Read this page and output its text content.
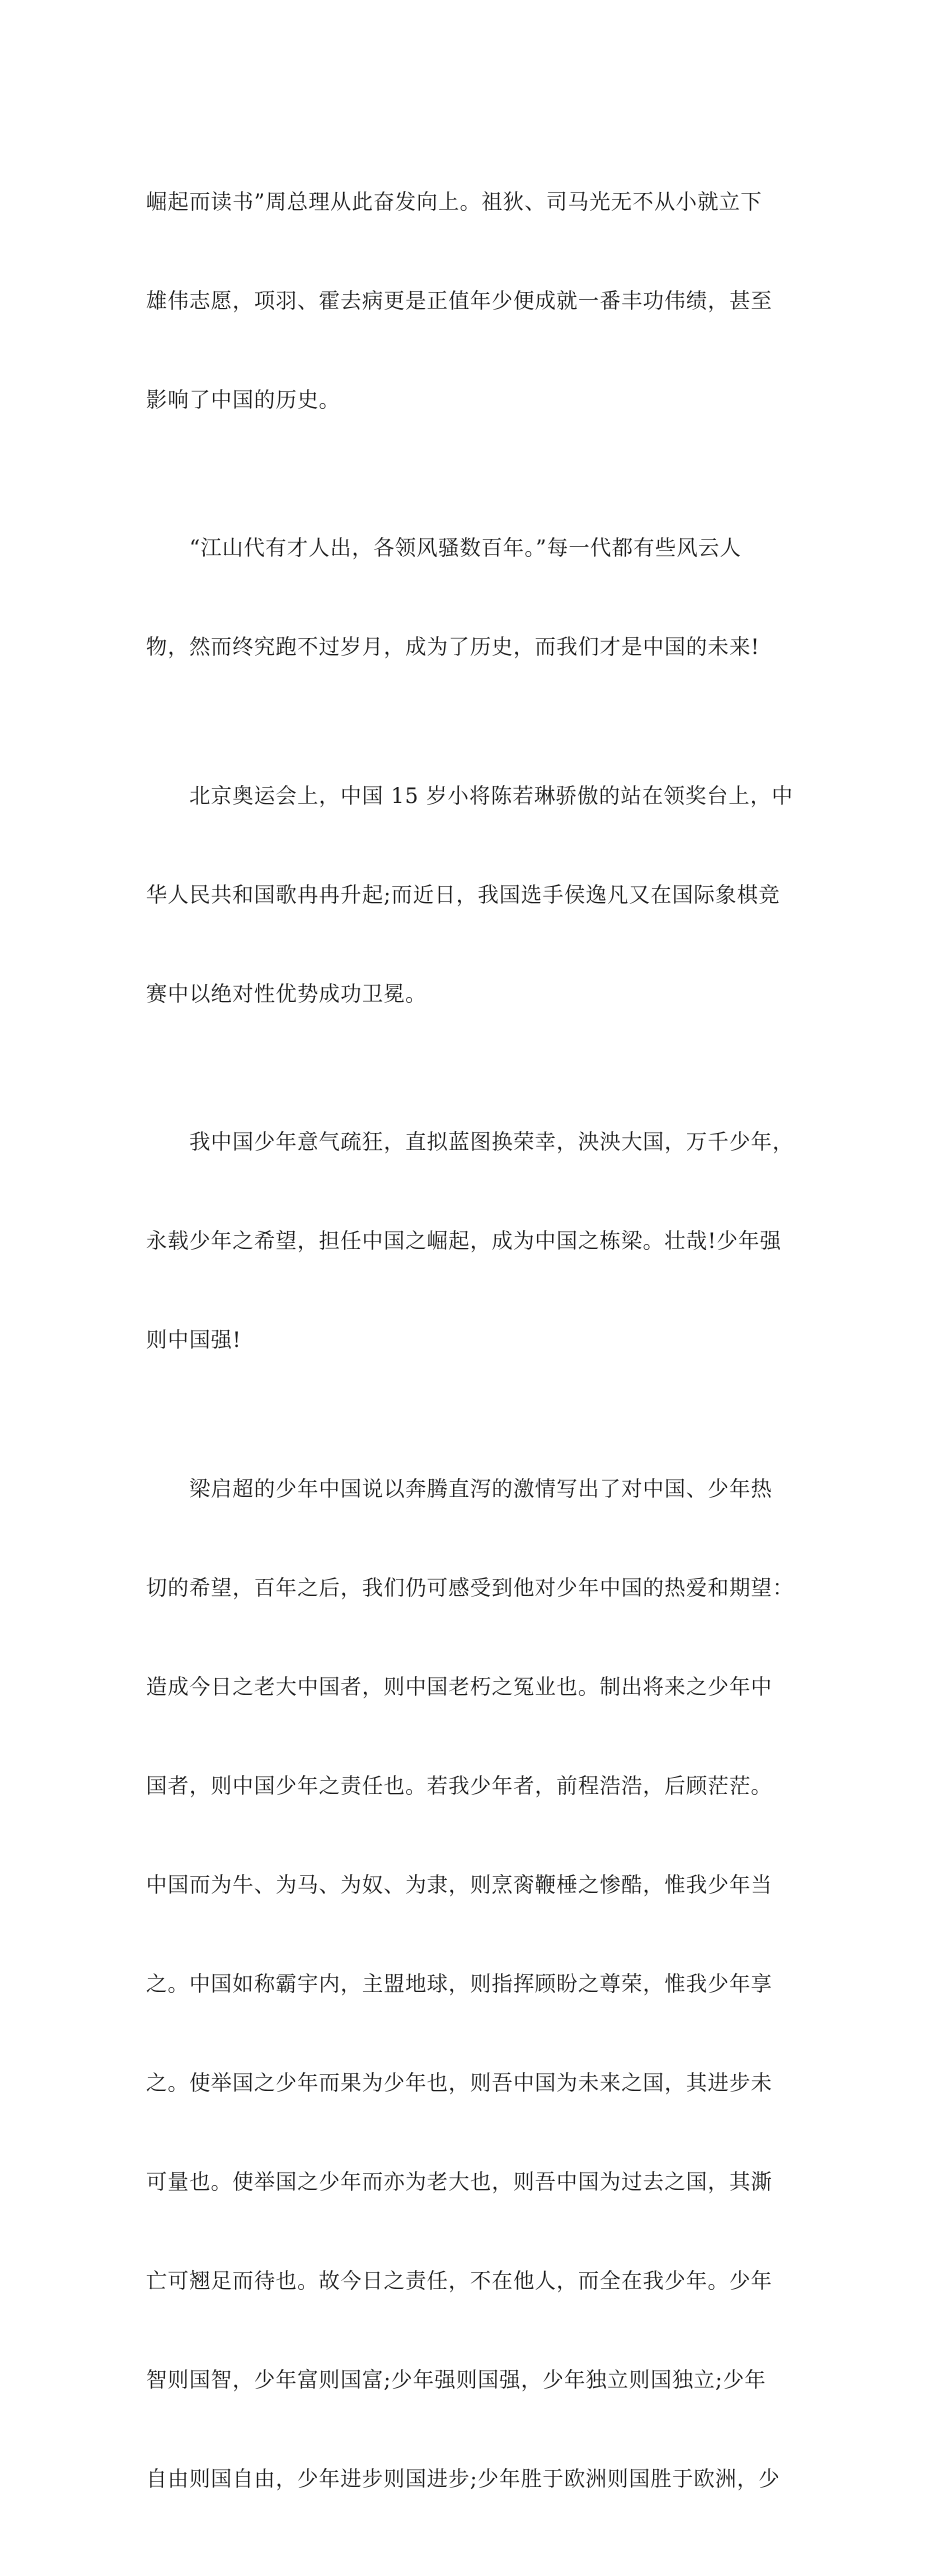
崛起而读书”周总理从此奋发向上。祖狄、司马光无不从小就立下

雄伟志愿，项羽、霍去病更是正值年少便成就一番丰功伟绩，甚至

影响了中国的历史。

　　“江山代有才人出，各领风骚数百年。”每一代都有些风云人

物，然而终究跑不过岁月，成为了历史，而我们才是中国的未来!

　　北京奥运会上，中国 15 岁小将陈若琳骄傲的站在领奖台上，中

华人民共和国歌冉冉升起;而近日，我国选手侯逸凡又在国际象棋竞

赛中以绝对性优势成功卫冕。

　　我中国少年意气疏狂，直拟蓝图换荣幸，泱泱大国，万千少年，

永载少年之希望，担任中国之崛起，成为中国之栋梁。壮哉!少年强

则中国强!

　　梁启超的少年中国说以奔腾直泻的激情写出了对中国、少年热

切的希望，百年之后，我们仍可感受到他对少年中国的热爱和期望：

造成今日之老大中国者，则中国老朽之冤业也。制出将来之少年中

国者，则中国少年之责任也。若我少年者，前程浩浩，后顾茫茫。

中国而为牛、为马、为奴、为隶，则烹脔鞭棰之惨酷，惟我少年当

之。中国如称霸宇内，主盟地球，则指挥顾盼之尊荣，惟我少年享

之。使举国之少年而果为少年也，则吾中国为未来之国，其进步未

可量也。使举国之少年而亦为老大也，则吾中国为过去之国，其澌

亡可翘足而待也。故今日之责任，不在他人，而全在我少年。少年

智则国智，少年富则国富;少年强则国强，少年独立则国独立;少年

自由则国自由，少年进步则国进步;少年胜于欧洲则国胜于欧洲，少
